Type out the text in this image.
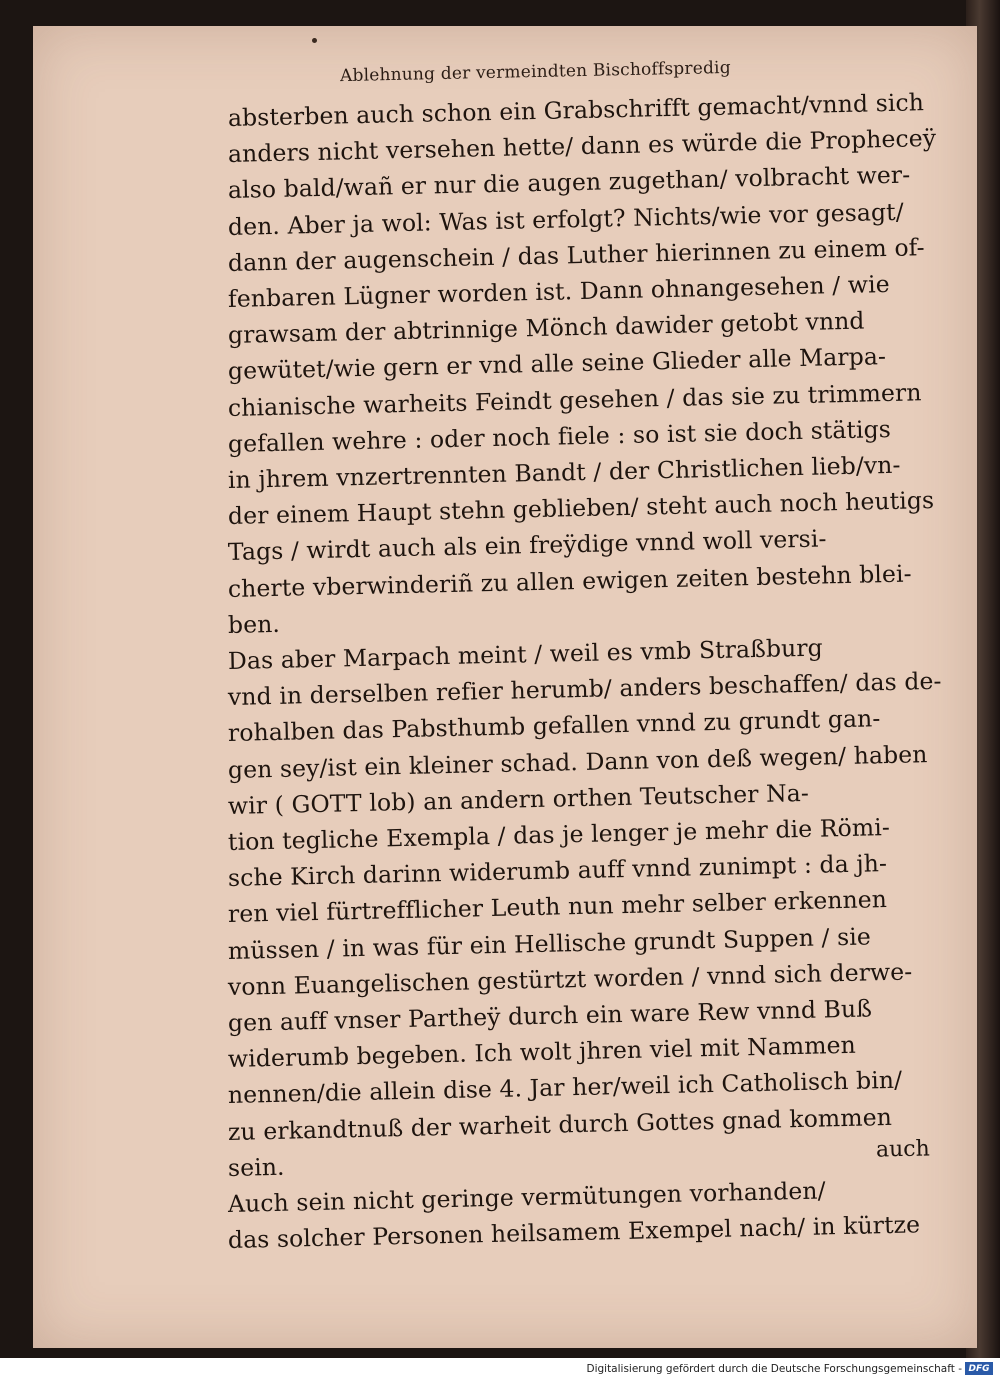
Ablehnung der vermeindten Bischoffspredig
absterben auch schon ein Grabschrifft gemacht/vnnd sich
anders nicht versehen hette/ dann es würde die Propheceÿ
also bald/wañ er nur die augen zugethan/ volbracht wer-
den. Aber ja wol: Was ist erfolgt? Nichts/wie vor gesagt/
dann der augenschein / das Luther hierinnen zu einem of-
fenbaren Lügner worden ist. Dann ohnangesehen / wie
grawsam der abtrinnige Mönch dawider getobt vnnd
gewütet/wie gern er vnd alle seine Glieder alle Marpa-
chianische warheits Feindt gesehen / das sie zu trimmern
gefallen wehre : oder noch fiele : so ist sie doch stätigs
in jhrem vnzertrennten Bandt / der Christlichen lieb/vn-
der einem Haupt stehn geblieben/ steht auch noch heutigs
Tags / wirdt auch als ein freÿdige vnnd woll versi-
cherte vberwinderiñ zu allen ewigen zeiten bestehn blei-
ben.
Das aber Marpach meint / weil es vmb Straßburg
vnd in derselben refier herumb/ anders beschaffen/ das de-
rohalben das Pabsthumb gefallen vnnd zu grundt gan-
gen sey/ist ein kleiner schad. Dann von deß wegen/ haben
wir ( GOTT lob) an andern orthen Teutscher Na-
tion tegliche Exempla / das je lenger je mehr die Römi-
sche Kirch darinn widerumb auff vnnd zunimpt : da jh-
ren viel fürtrefflicher Leuth nun mehr selber erkennen
müssen / in was für ein Hellische grundt Suppen / sie
vonn Euangelischen gestürtzt worden / vnnd sich derwe-
gen auff vnser Partheÿ durch ein ware Rew vnnd Buß
widerumb begeben. Ich wolt jhren viel mit Nammen
nennen/die allein dise 4. Jar her/weil ich Catholisch bin/
zu erkandtnuß der warheit durch Gottes gnad kommen
sein.
Auch sein nicht geringe vermütungen vorhanden/
das solcher Personen heilsamem Exempel nach/ in kürtze
auch
Digitalisierung gefördert durch die Deutsche Forschungsgemeinschaft - DFG
